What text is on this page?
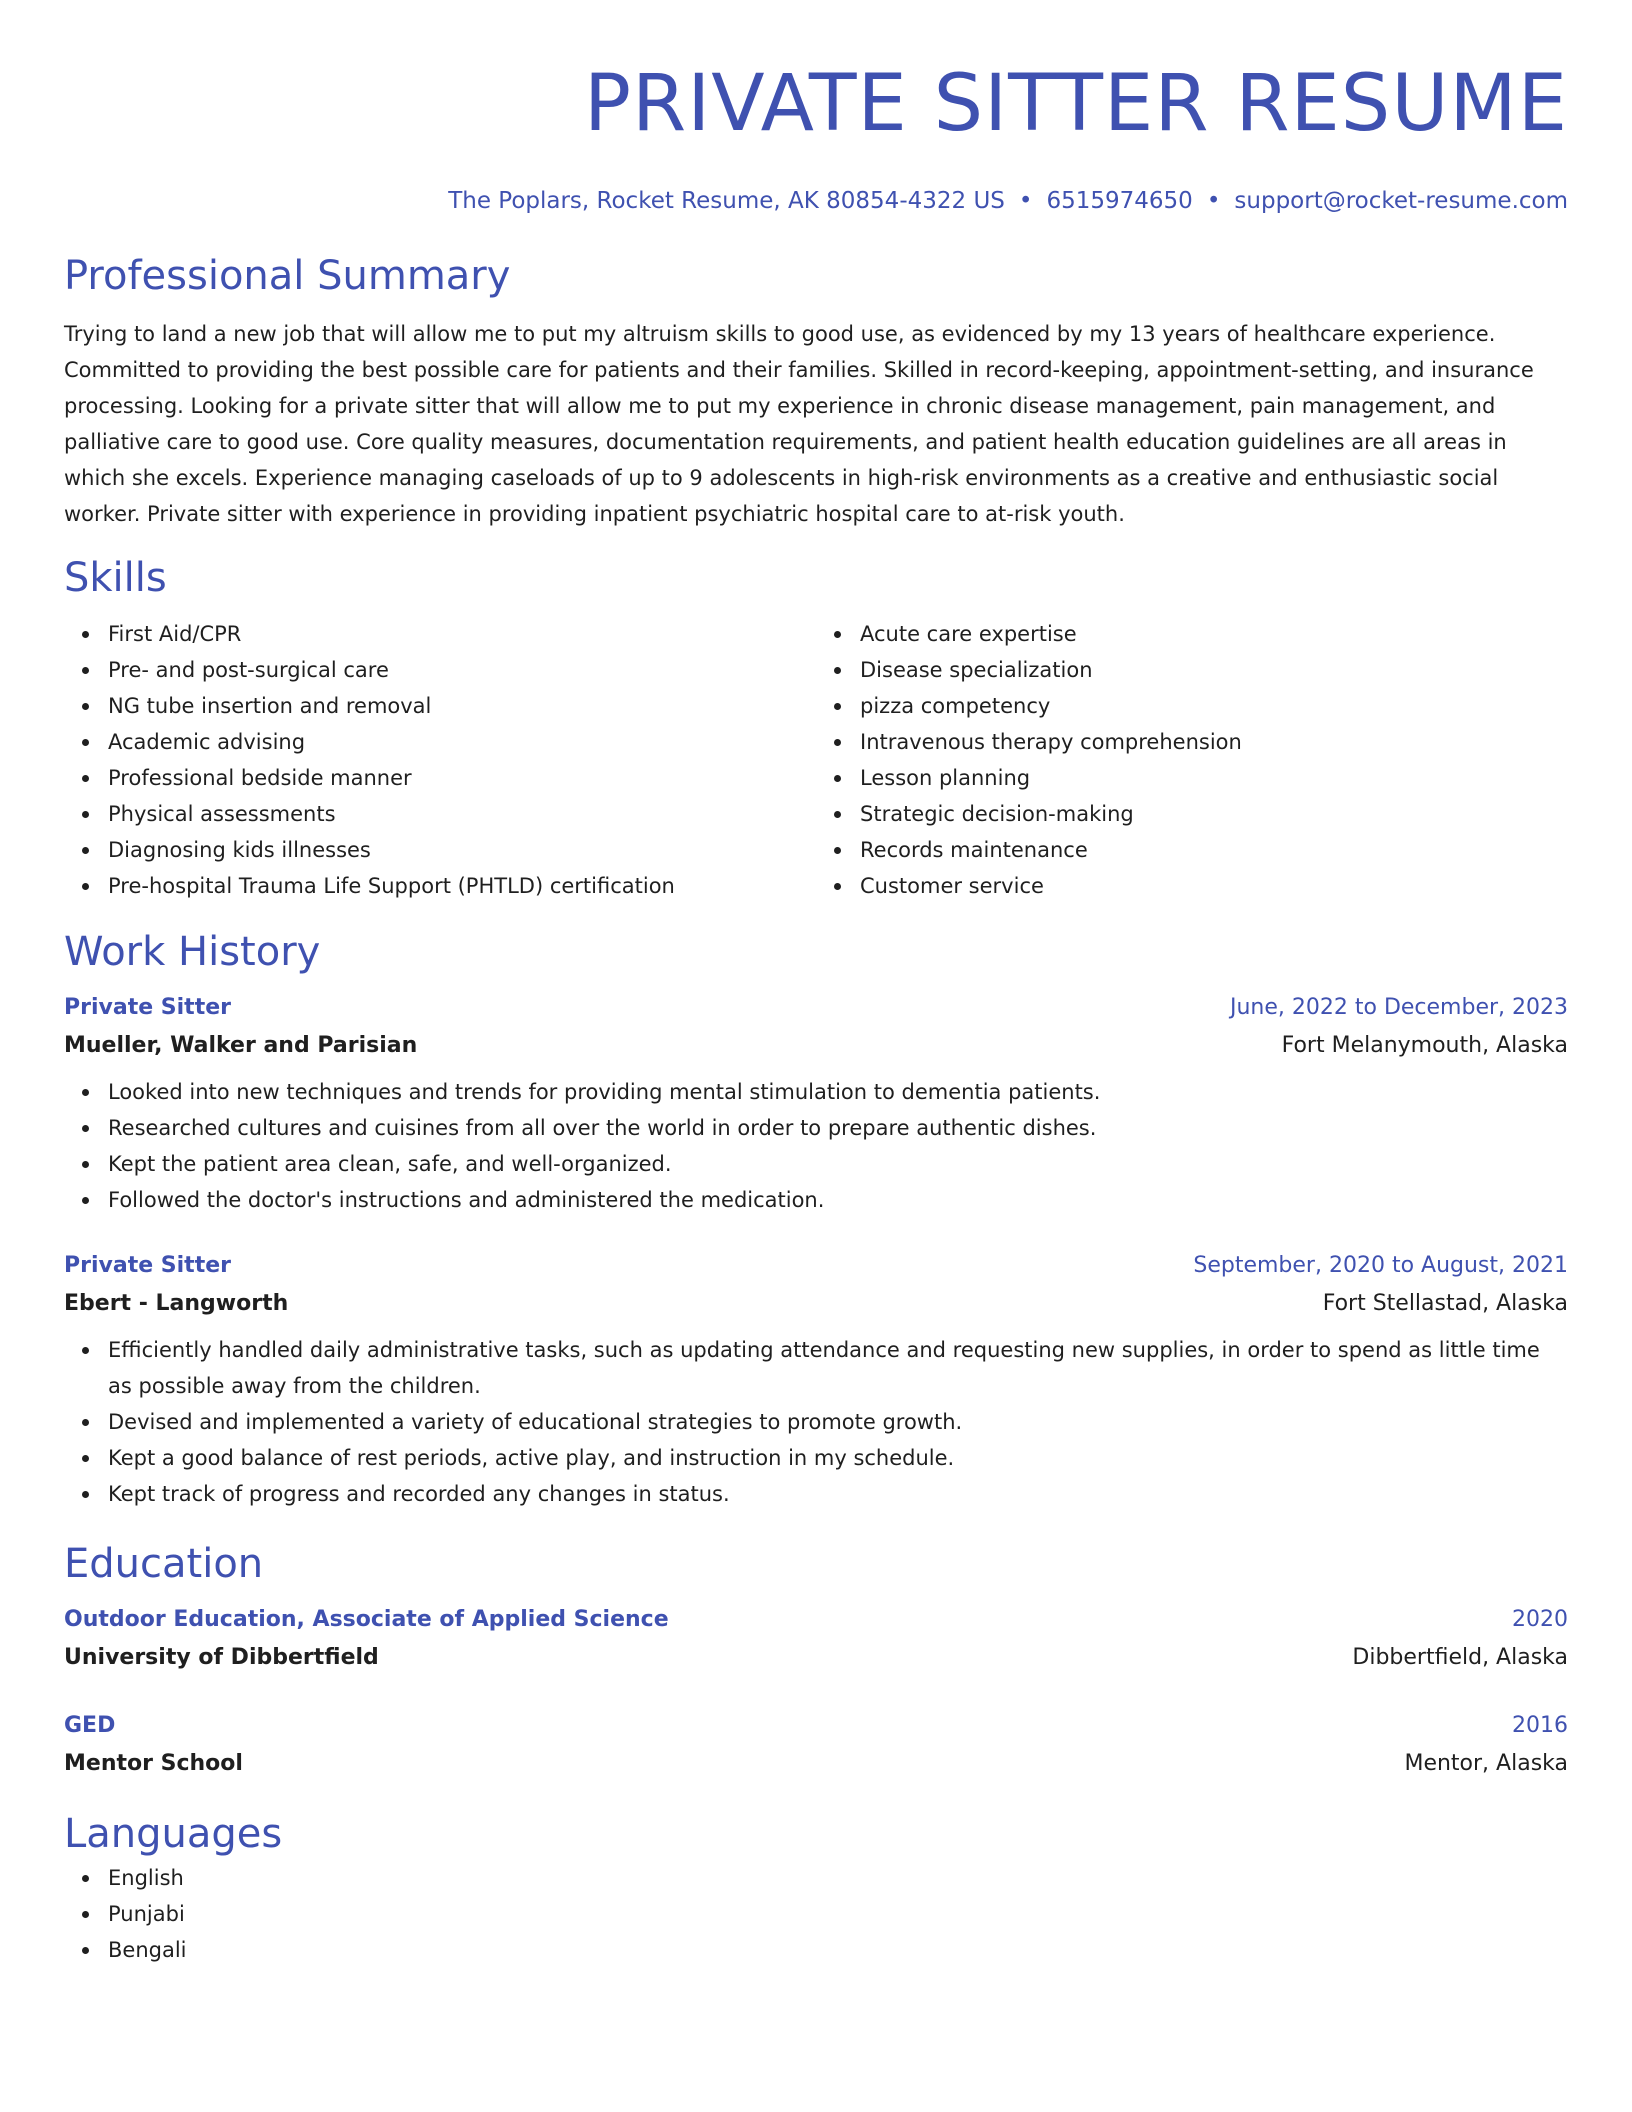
PRIVATE SITTER RESUME
The Poplars, Rocket Resume, AK 80854-4322 US • 6515974650 • support@rocket-resume.com
Professional Summary
Trying to land a new job that will allow me to put my altruism skills to good use, as evidenced by my 13 years of healthcare experience. Committed to providing the best possible care for patients and their families. Skilled in record-keeping, appointment-setting, and insurance processing. Looking for a private sitter that will allow me to put my experience in chronic disease management, pain management, and palliative care to good use. Core quality measures, documentation requirements, and patient health education guidelines are all areas in which she excels. Experience managing caseloads of up to 9 adolescents in high-risk environments as a creative and enthusiastic social worker. Private sitter with experience in providing inpatient psychiatric hospital care to at-risk youth.
Skills
First Aid/CPR
Pre- and post-surgical care
NG tube insertion and removal
Academic advising
Professional bedside manner
Physical assessments
Diagnosing kids illnesses
Pre-hospital Trauma Life Support (PHTLD) certification
Acute care expertise
Disease specialization
pizza competency
Intravenous therapy comprehension
Lesson planning
Strategic decision-making
Records maintenance
Customer service
Work History
Private Sitter	June, 2022 to December, 2023
Mueller, Walker and Parisian	Fort Melanymouth, Alaska
Looked into new techniques and trends for providing mental stimulation to dementia patients.
Researched cultures and cuisines from all over the world in order to prepare authentic dishes.
Kept the patient area clean, safe, and well-organized.
Followed the doctor's instructions and administered the medication.
Private Sitter	September, 2020 to August, 2021
Ebert - Langworth	Fort Stellastad, Alaska
Efficiently handled daily administrative tasks, such as updating attendance and requesting new supplies, in order to spend as little time as possible away from the children.
Devised and implemented a variety of educational strategies to promote growth.
Kept a good balance of rest periods, active play, and instruction in my schedule.
Kept track of progress and recorded any changes in status.
Education
Outdoor Education, Associate of Applied Science	2020
University of Dibbertfield	Dibbertfield, Alaska
GED	2016
Mentor School	Mentor, Alaska
Languages
English
Punjabi
Bengali
